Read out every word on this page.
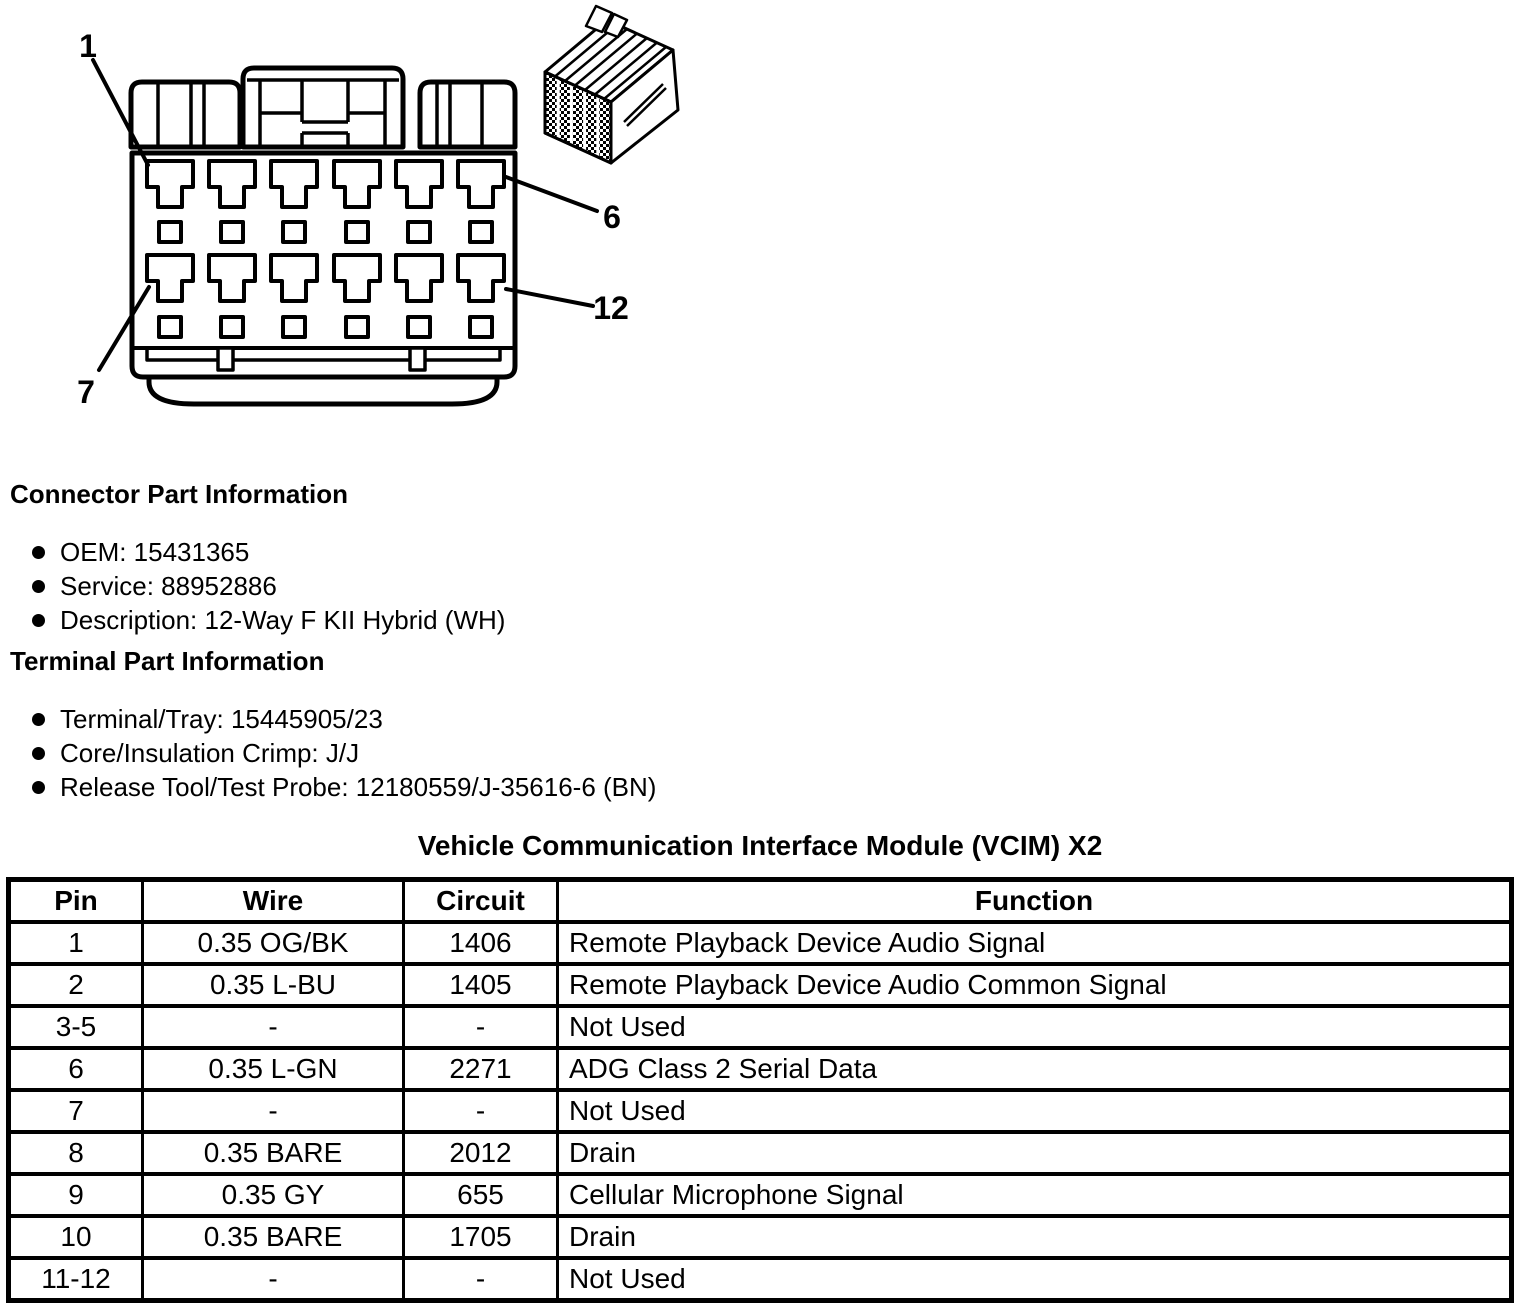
1
6
7
12
Connector Part Information
OEM: 15431365
Service: 88952886
Description: 12-Way F KII Hybrid (WH)
Terminal Part Information
Terminal/Tray: 15445905/23
Core/Insulation Crimp: J/J
Release Tool/Test Probe: 12180559/J-35616-6 (BN)
Vehicle Communication Interface Module (VCIM) X2
Pin	Wire	Circuit	Function
1	0.35 OG/BK	1406	Remote Playback Device Audio Signal
2	0.35 L-BU	1405	Remote Playback Device Audio Common Signal
3-5	-	-	Not Used
6	0.35 L-GN	2271	ADG Class 2 Serial Data
7	-	-	Not Used
8	0.35 BARE	2012	Drain
9	0.35 GY	655	Cellular Microphone Signal
10	0.35 BARE	1705	Drain
11-12	-	-	Not Used
